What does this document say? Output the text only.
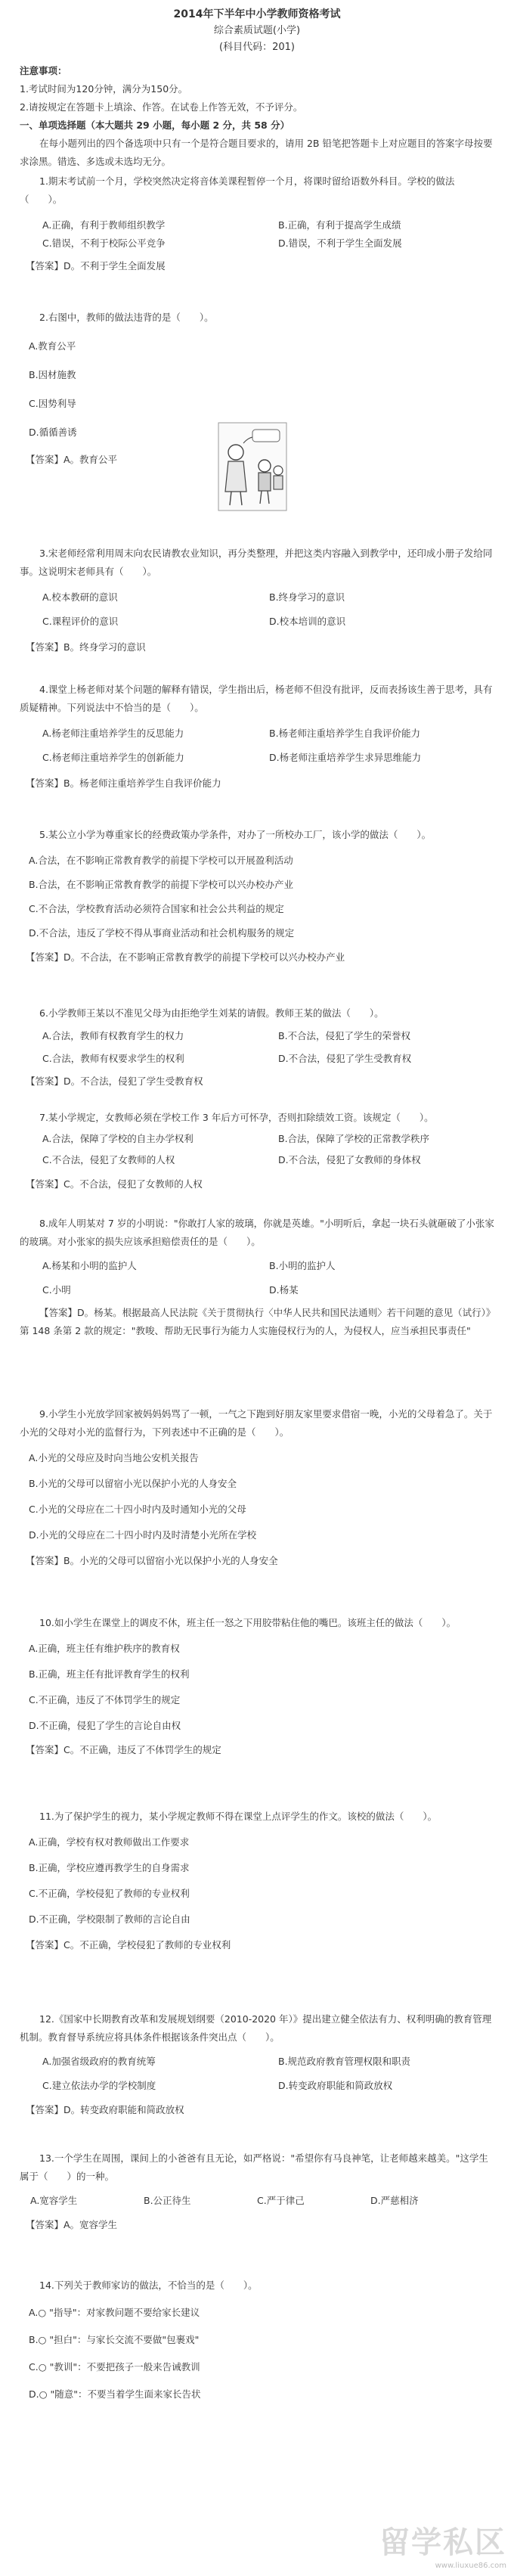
2014年下半年中小学教师资格考试
综合素质试题(小学)
(科目代码：201)
注意事项：
1.考试时间为120分钟，满分为150分。
2.请按规定在答题卡上填涂、作答。在试卷上作答无效，不予评分。
一、单项选择题（本大题共 29 小题，每小题 2 分，共 58 分）
在每小题列出的四个备选项中只有一个是符合题目要求的，请用 2B 铅笔把答题卡上对应题目的答案字母按要求涂黑。错选、多选或未选均无分。
1.期末考试前一个月，学校突然决定将音体美课程暂停一个月，将课时留给语数外科目。学校的做法（　　）。
A.正确，有利于教师组织教学	B.正确，有利于提高学生成绩
C.错误，不利于校际公平竞争	D.错误，不利于学生全面发展
【答案】D。不利于学生全面发展
2.右图中，教师的做法违背的是（　　）。
A.教育公平
B.因材施教
C.因势利导
D.循循善诱
【答案】A。教育公平
3.宋老师经常利用周末向农民请教农业知识，再分类整理，并把这类内容融入到教学中，还印成小册子发给同事。这说明宋老师具有（　　）。
A.校本教研的意识	B.终身学习的意识
C.课程评价的意识	D.校本培训的意识
【答案】B。终身学习的意识
4.课堂上杨老师对某个问题的解释有错误，学生指出后，杨老师不但没有批评，反而表扬该生善于思考，具有质疑精神。下列说法中不恰当的是（　　）。
A.杨老师注重培养学生的反思能力	B.杨老师注重培养学生自我评价能力
C.杨老师注重培养学生的创新能力	D.杨老师注重培养学生求异思维能力
【答案】B。杨老师注重培养学生自我评价能力
5.某公立小学为尊重家长的经费政策办学条件，对办了一所校办工厂，该小学的做法（　　）。
A.合法，在不影响正常教育教学的前提下学校可以开展盈利活动
B.合法，在不影响正常教育教学的前提下学校可以兴办校办产业
C.不合法，学校教育活动必须符合国家和社会公共利益的规定
D.不合法，违反了学校不得从事商业活动和社会机构服务的规定
【答案】D。不合法，在不影响正常教育教学的前提下学校可以兴办校办产业
6.小学教师王某以不准见父母为由拒绝学生刘某的请假。教师王某的做法（　　）。
A.合法，教师有权教育学生的权力	B.不合法，侵犯了学生的荣誉权
C.合法，教师有权要求学生的权利	D.不合法，侵犯了学生受教育权
【答案】D。不合法，侵犯了学生受教育权
7.某小学规定，女教师必须在学校工作 3 年后方可怀孕，否则扣除绩效工资。该规定（　　）。
A.合法，保障了学校的自主办学权利	B.合法，保障了学校的正常教学秩序
C.不合法，侵犯了女教师的人权	D.不合法，侵犯了女教师的身体权
【答案】C。不合法，侵犯了女教师的人权
8.成年人明某对 7 岁的小明说："你敢打人家的玻璃，你就是英雄。"小明听后，拿起一块石头就砸破了小张家的玻璃。对小张家的损失应该承担赔偿责任的是（　　）。
A.杨某和小明的监护人	B.小明的监护人
C.小明	D.杨某
【答案】D。杨某。根据最高人民法院《关于贯彻执行〈中华人民共和国民法通则〉若干问题的意见（试行）》第 148 条第 2 款的规定："教唆、帮助无民事行为能力人实施侵权行为的人，为侵权人，应当承担民事责任"
9.小学生小光放学回家被妈妈妈骂了一顿，一气之下跑到好朋友家里要求借宿一晚，小光的父母着急了。关于小光的父母对小光的监督行为，下列表述中不正确的是（　　）。
A.小光的父母应及时向当地公安机关报告
B.小光的父母可以留宿小光以保护小光的人身安全
C.小光的父母应在二十四小时内及时通知小光的父母
D.小光的父母应在二十四小时内及时清楚小光所在学校
【答案】B。小光的父母可以留宿小光以保护小光的人身安全
10.如小学生在课堂上的调皮不休，班主任一怒之下用胶带粘住他的嘴巴。该班主任的做法（　　）。
A.正确，班主任有维护秩序的教育权
B.正确，班主任有批评教育学生的权利
C.不正确，违反了不体罚学生的规定
D.不正确，侵犯了学生的言论自由权
【答案】C。不正确，违反了不体罚学生的规定
11.为了保护学生的视力，某小学规定教师不得在课堂上点评学生的作文。该校的做法（　　）。
A.正确，学校有权对教师做出工作要求
B.正确，学校应遵再教学生的自身需求
C.不正确，学校侵犯了教师的专业权利
D.不正确，学校限制了教师的言论自由
【答案】C。不正确，学校侵犯了教师的专业权利
12.《国家中长期教育改革和发展规划纲要（2010-2020 年）》提出建立健全依法有力、权利明确的教育管理机制。教育督导系统应将具体条件根据该条件突出点（　　）。
A.加强省级政府的教育统筹	B.规范政府教育管理权限和职责
C.建立依法办学的学校制度	D.转变政府职能和简政放权
【答案】D。转变政府职能和简政放权
13.一个学生在周围，课间上的小爸爸有且无论，如严格说："希望你有马良神笔，让老师越来越美。"这学生属于（　　）的一种。
A.宽容学生	B.公正待生	C.严于律己	D.严慈相济
【答案】A。宽容学生
14.下列关于教师家访的做法，不恰当的是（　　）。
A.○ "指导"：对家教问题不要给家长建议
B.○ "担白"：与家长交流不要做"包裹戏"
C.○ "教训"：不要把孩子一般来告诫教训
D.○ "随意"：不要当着学生面来家长告状
留学私区
www.liuxue86.com
